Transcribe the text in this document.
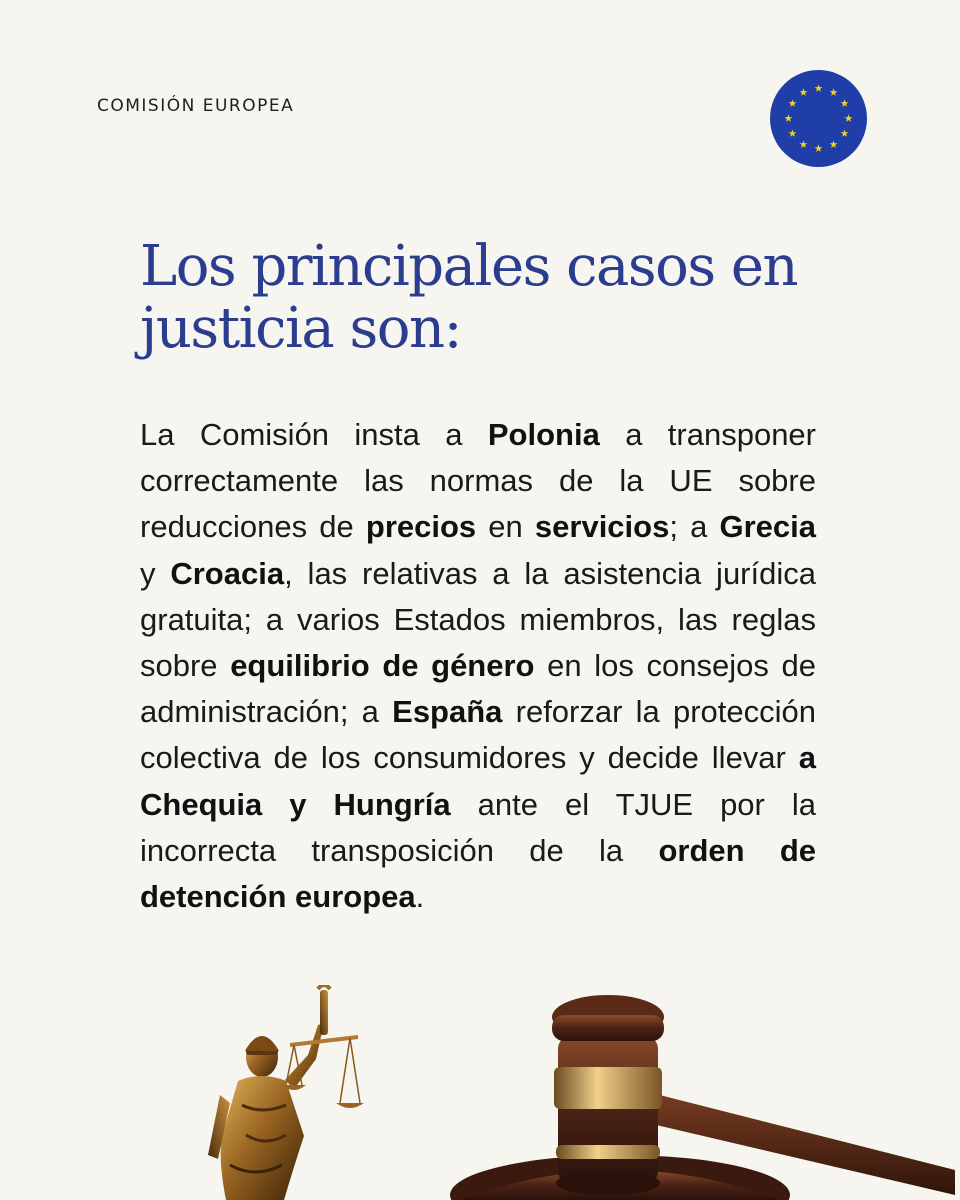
COMISIÓN EUROPEA
Los principales casos en
justicia son:

La Comisión insta a Polonia a transponer correctamente las normas de la UE sobre reducciones de precios en servicios; a Grecia y Croacia, las relativas a la asistencia jurídica gratuita; a varios Estados miembros, las reglas sobre equilibrio de género en los consejos de administración; a España reforzar la protección colectiva de los consumidores y decide llevar a Chequia y Hungría ante el TJUE por la incorrecta transposición de la orden de detención europea.
